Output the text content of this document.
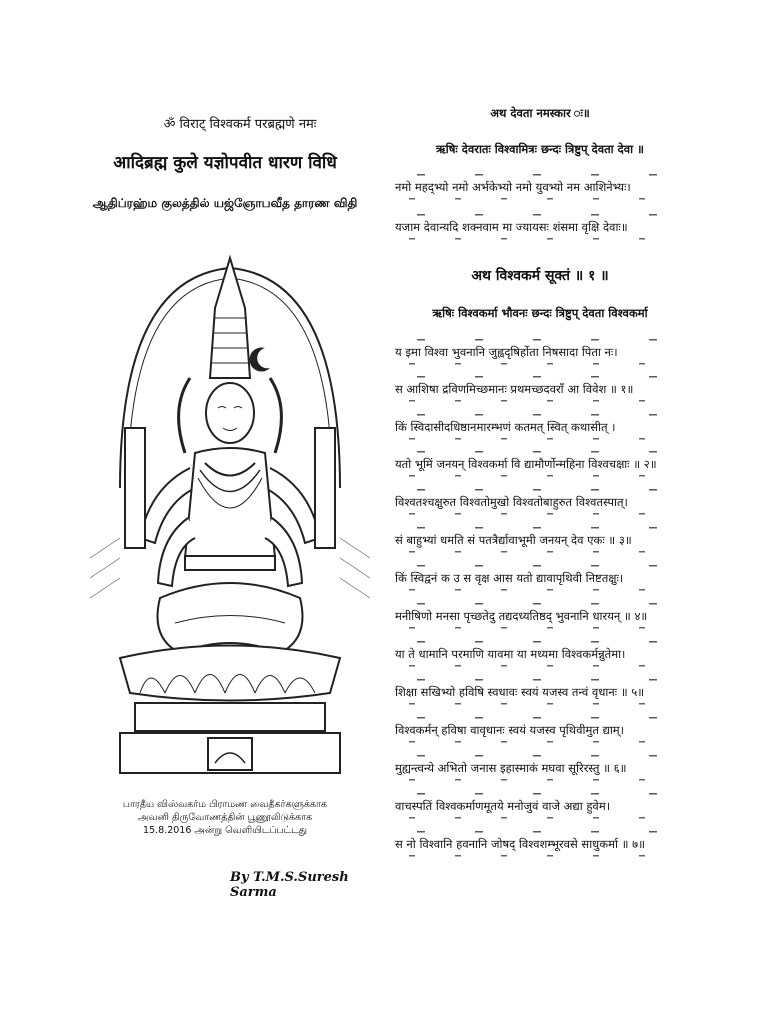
ॐ विराट् विश्वकर्म परब्रह्मणे नमः
आदिब्रह्म कुले यज्ञोपवीत धारण विधि
ஆதிப்ரஹ்ம குலத்தில் யஜ்ஞோபவீத தாரண விதி
பாரதீய விஸ்வகர்ம பிராமண வைதீகர்களுக்காக
அவனி திருவோணத்தின் பூணூலிடுக்காக
15.8.2016 அன்று வெளியிடப்பட்டது
By T.M.S.Suresh Sarma
अथ देवता नमस्कार ः॥
ऋषिः देवरातः विश्वामित्रः छन्दः त्रिष्टुप् देवता देवा ॥
नमो महद्भ्यो नमो अर्भकेभ्यो नमो युवभ्यो नम आशिनेभ्यः।
यजाम देवान्यदि शक्नवाम मा ज्यायसः शंसमा वृक्षि देवाः॥
अथ विश्वकर्म सूक्तं ॥ १ ॥
ऋषिः विश्वकर्मा भौवनः छन्दः त्रिष्टुप् देवता विश्वकर्मा
य इमा विश्वा भुवनानि जुह्वदृषिर्होता निषसादा पिता नः।
स आशिषा द्रविणमिच्छमानः प्रथमच्छदवराँ आ विवेश ॥ १॥
किं स्विदासीदधिष्ठानमारम्भणं कतमत् स्वित् कथासीत् ।
यतो भूमिं जनयन् विश्वकर्मा वि द्यामौर्णोन्महिना विश्वचक्षाः ॥ २॥
विश्वतश्चक्षुरुत विश्वतोमुखो विश्वतोबाहुरुत विश्वतस्पात्।
सं बाहुभ्यां धमति सं पतत्रैर्द्यावाभूमी जनयन् देव एकः ॥ ३॥
किं स्विद्वनं क उ स वृक्ष आस यतो द्यावापृथिवी निष्टतक्षुः।
मनीषिणो मनसा पृच्छतेदु तद्यदध्यतिष्ठद् भुवनानि धारयन् ॥ ४॥
या ते धामानि परमाणि यावमा या मध्यमा विश्वकर्मन्नुतेमा।
शिक्षा सखिभ्यो हविषि स्वधावः स्वयं यजस्व तन्वं वृधानः ॥ ५॥
विश्वकर्मन् हविषा वावृधानः स्वयं यजस्व पृथिवीमुत द्याम्।
मुह्यन्त्वन्ये अभितो जनास इहास्माकं मघवा सूरिरस्तु ॥ ६॥
वाचस्पतिं विश्वकर्माणमूतये मनोजुवं वाजे अद्या हुवेम।
स नो विश्वानि हवनानि जोषद् विश्वशम्भूरवसे साधुकर्मा ॥ ७॥
